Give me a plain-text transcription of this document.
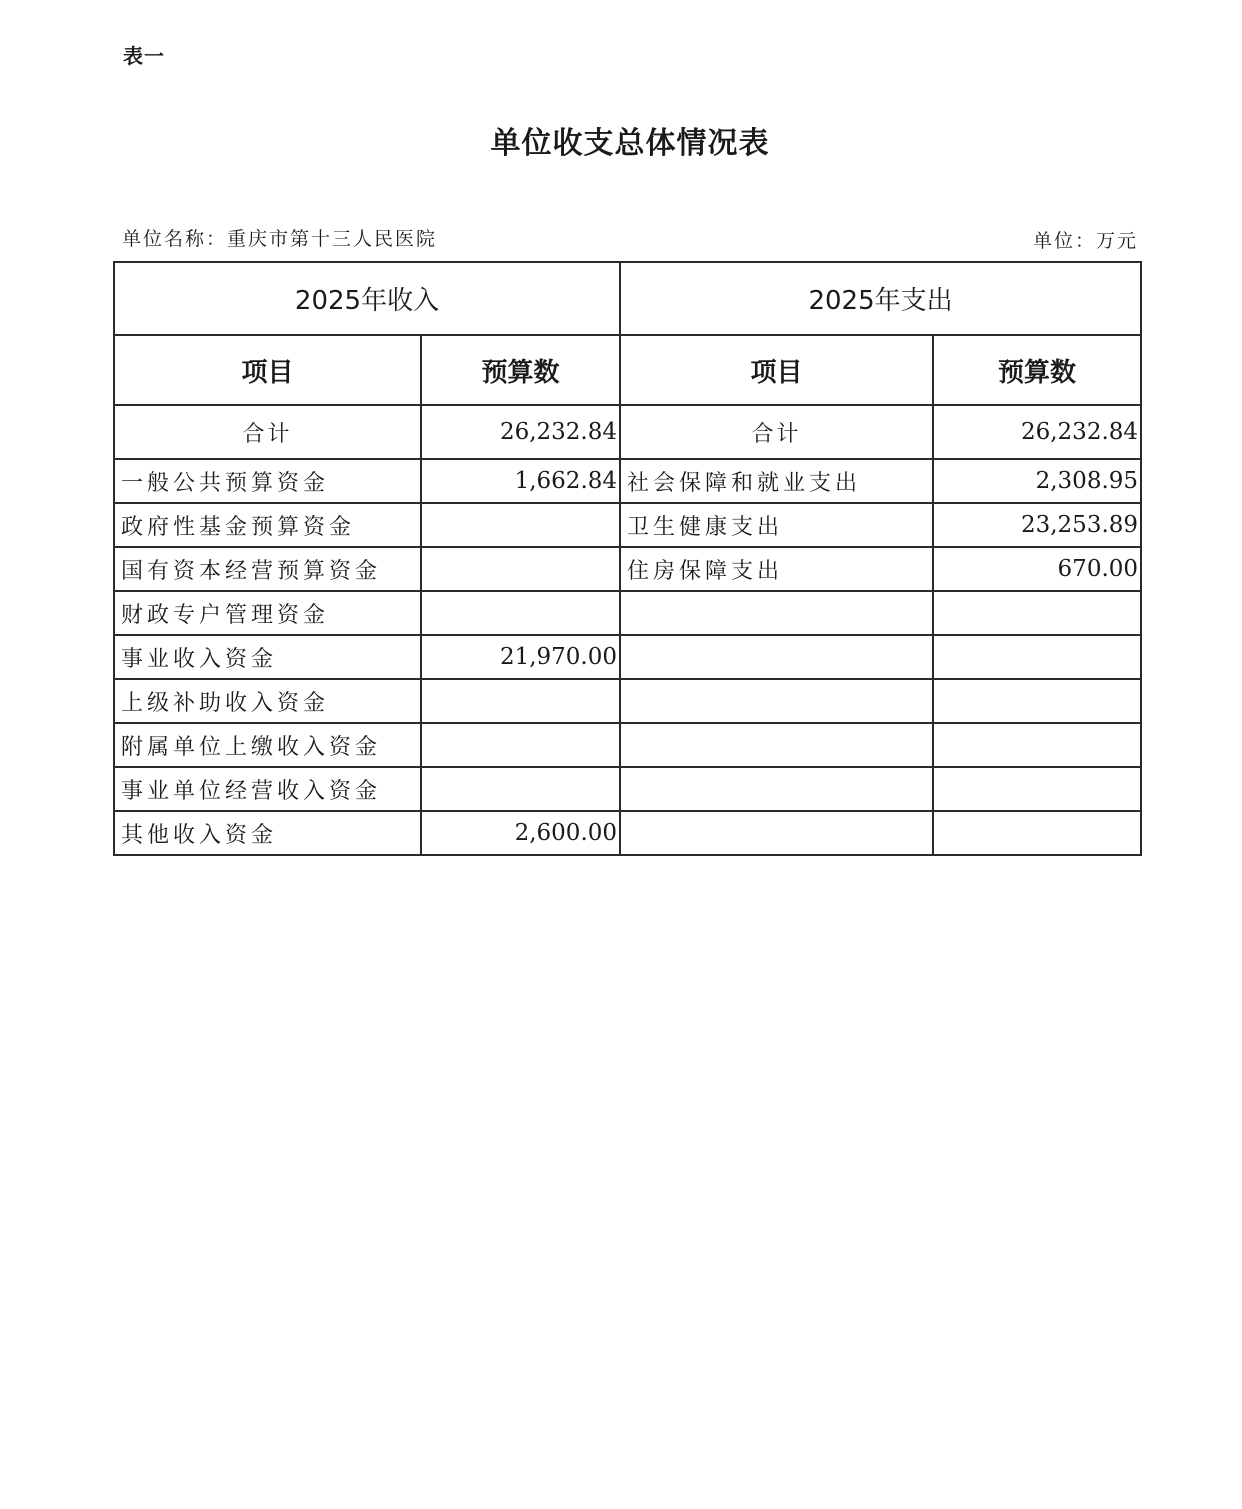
表一
单位收支总体情况表
单位名称：重庆市第十三人民医院	单位：万元
2025年收入		2025年支出	
项目	预算数	项目	预算数
合计	26,232.84	合计	26,232.84
一般公共预算资金	1,662.84	社会保障和就业支出	2,308.95
政府性基金预算资金		卫生健康支出	23,253.89
国有资本经营预算资金		住房保障支出	670.00
财政专户管理资金			
事业收入资金	21,970.00		
上级补助收入资金			
附属单位上缴收入资金			
事业单位经营收入资金			
其他收入资金	2,600.00		
